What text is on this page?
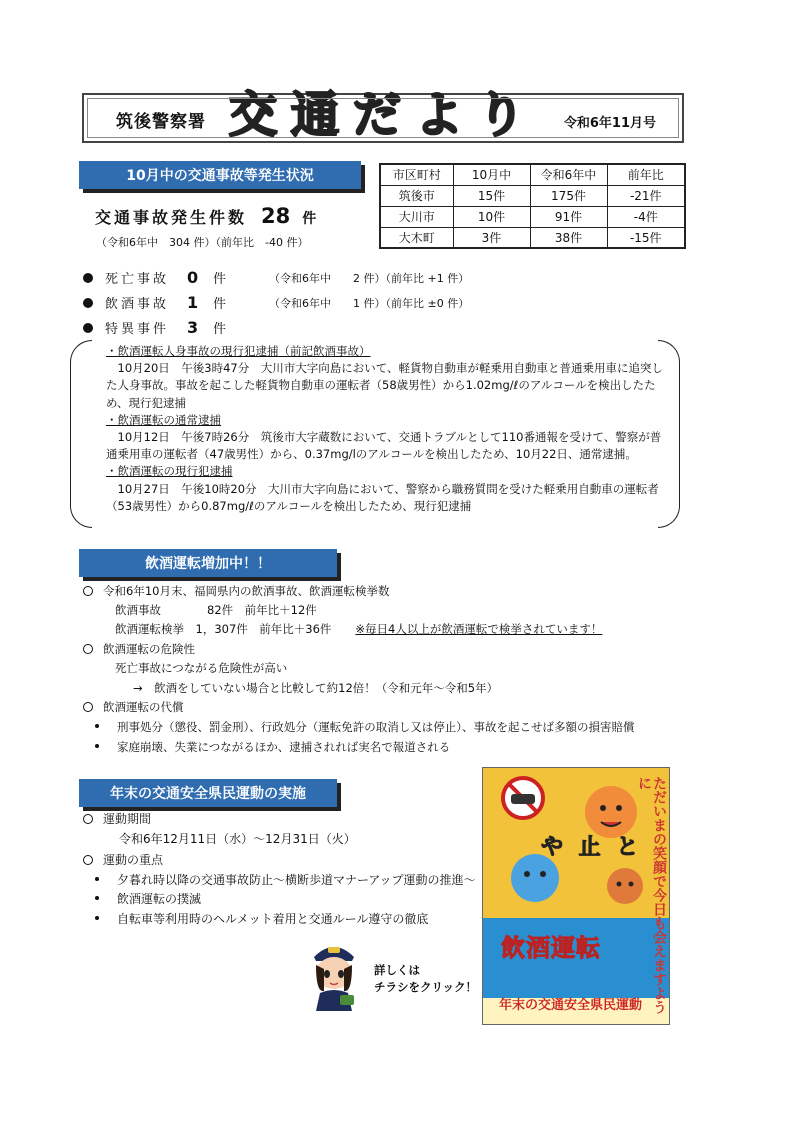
筑後警察署 交通だより 令和6年11月号
10月中の交通事故等発生状況	市区町村	10月中	令和6年中	前年比
筑後市	15件	175件	-21件
大川市	10件	91件	-4件
大木町	3件	38件	-15件
交通事故発生件数 28 件
（令和6年中　304 件）（前年比　-40 件）
死亡事故	0	件	（令和6年中　　2 件）（前年比 +1 件）
飲酒事故	1	件	（令和6年中　　1 件）（前年比 ±0 件）
特異事件	3	件
・飲酒運転人身事故の現行犯逮捕（前記飲酒事故）

　10月20日　午後3時47分　大川市大字向島において、軽貨物自動車が軽乗用自動車と普通乗用車に追突した人身事故。事故を起こした軽貨物自動車の運転者（58歳男性）から1.02mg/ℓのアルコールを検出したため、現行犯逮捕

・飲酒運転の通常逮捕

　10月12日　午後7時26分　筑後市大字蔵数において、交通トラブルとして110番通報を受けて、警察が普通乗用車の運転者（47歳男性）から、0.37mg/lのアルコールを検出したため、10月22日、通常逮捕。

・飲酒運転の現行犯逮捕

　10月27日　午後10時20分　大川市大字向島において、警察から職務質問を受けた軽乗用自動車の運転者（53歳男性）から0.87mg/ℓのアルコールを検出したため、現行犯逮捕

飲酒運転増加中！！
令和6年10月末、福岡県内の飲酒事故、飲酒運転検挙数
飲酒事故　　　　82件　前年比＋12件
飲酒運転検挙　1，307件　前年比＋36件 ※毎日4人以上が飲酒運転で検挙されています！
飲酒運転の危険性
死亡事故につながる危険性が高い
→　飲酒をしていない場合と比較して約12倍！（令和元年～令和5年）
飲酒運転の代償
刑事処分（懲役、罰金刑）、行政処分（運転免許の取消し又は停止）、事故を起こせば多額の損害賠償
家庭崩壊、失業につながるほか、逮捕されれば実名で報道される
年末の交通安全県民運動の実施
運動期間
令和6年12月11日（水）～12月31日（火）
運動の重点
夕暮れ時以降の交通事故防止～横断歩道マナーアップ運動の推進～
飲酒運転の撲滅
自転車等利用時のヘルメット着用と交通ルール遵守の徹底
詳しくは
チラシをクリック！
や 止 と ただいまの笑顔で今日も会えますように
飲酒運転
年末の交通安全県民運動
